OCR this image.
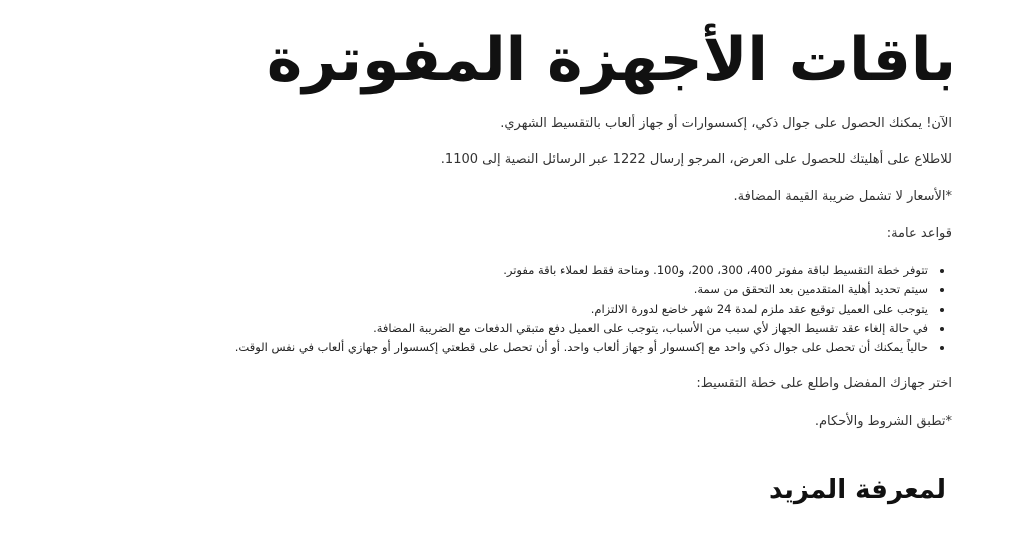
باقات الأجهزة المفوترة

الآن! يمكنك الحصول على جوال ذكي، إكسسوارات أو جهاز ألعاب بالتقسيط الشهري.

للاطلاع على أهليتك للحصول على العرض، المرجو إرسال 1222 عبر الرسائل النصية إلى 1100.

*الأسعار لا تشمل ضريبة القيمة المضافة.

قواعد عامة:

• تتوفر خطة التقسيط لباقة مفوتر 400، 300، 200، و100. ومتاحة فقط لعملاء باقة مفوتر.
• سيتم تحديد أهلية المتقدمين بعد التحقق من سمة.
• يتوجب على العميل توقيع عقد ملزم لمدة 24 شهر خاضع لدورة الالتزام.
• في حالة إلغاء عقد تقسيط الجهاز لأي سبب من الأسباب، يتوجب على العميل دفع متبقي الدفعات مع الضريبة المضافة.
• حالياً يمكنك أن تحصل على جوال ذكي واحد مع إكسسوار أو جهاز ألعاب واحد. أو أن تحصل على قطعتي إكسسوار أو جهازي ألعاب في نفس الوقت.

اختر جهازك المفضل واطلع على خطة التقسيط:

*تطبق الشروط والأحكام.

لمعرفة المزيد
